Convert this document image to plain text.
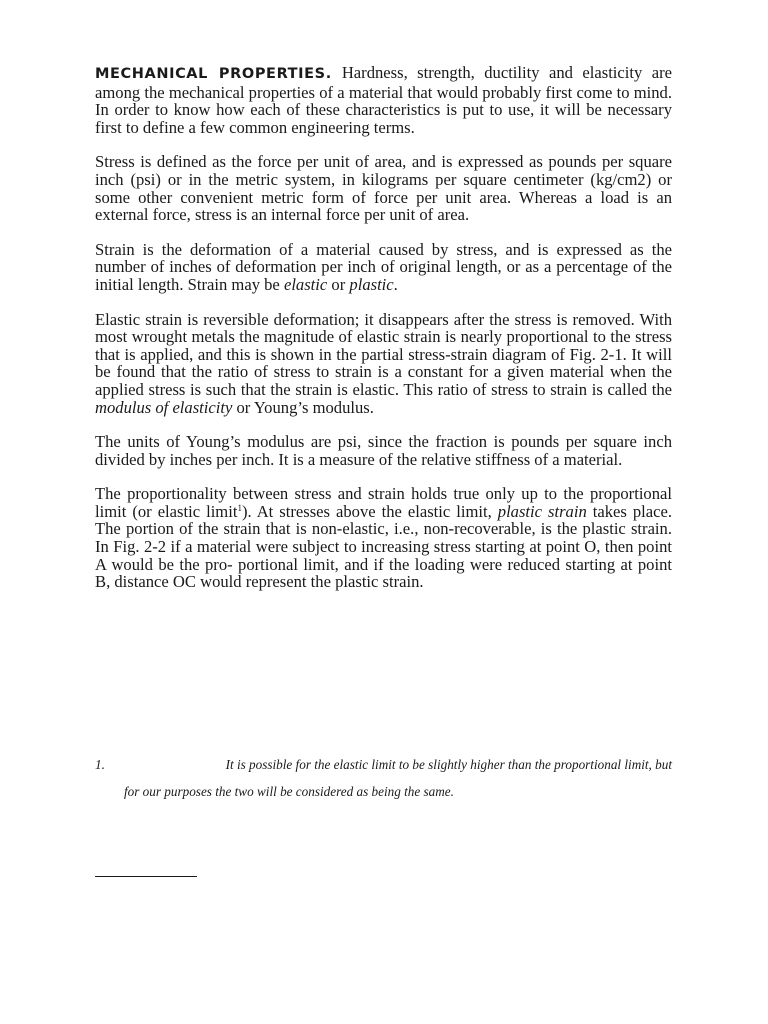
MECHANICAL PROPERTIES. Hardness, strength, ductility and elasticity are among the mechanical properties of a material that would probably first come to mind. In order to know how each of these characteristics is put to use, it will be necessary first to define a few common engineering terms.

Stress is defined as the force per unit of area, and is expressed as pounds per square inch (psi) or in the metric system, in kilograms per square centimeter (kg/cm2) or some other convenient metric form of force per unit area. Whereas a load is an external force, stress is an internal force per unit of area.

Strain is the deformation of a material caused by stress, and is expressed as the number of inches of deformation per inch of original length, or as a percentage of the initial length. Strain may be elastic or plastic.

Elastic strain is reversible deformation; it disappears after the stress is removed. With most wrought metals the magnitude of elastic strain is nearly proportional to the stress that is applied, and this is shown in the partial stress-strain diagram of Fig. 2-1. It will be found that the ratio of stress to strain is a constant for a given material when the applied stress is such that the strain is elastic. This ratio of stress to strain is called the modulus of elasticity or Young’s modulus.

The units of Young’s modulus are psi, since the fraction is pounds per square inch divided by inches per inch. It is a measure of the relative stiffness of a material.

The proportionality between stress and strain holds true only up to the proportional limit (or elastic limit$^1$). At stresses above the elastic limit, plastic strain takes place. The portion of the strain that is non-elastic, i.e., non-recoverable, is the plastic strain. In Fig. 2-2 if a material were subject to increasing stress starting at point O, then point A would be the pro- portional limit, and if the loading were reduced starting at point B, distance OC would represent the plastic strain.

1.	It is possible for the elastic limit to be slightly higher than the proportional limit, but
for our purposes the two will be considered as being the same.
